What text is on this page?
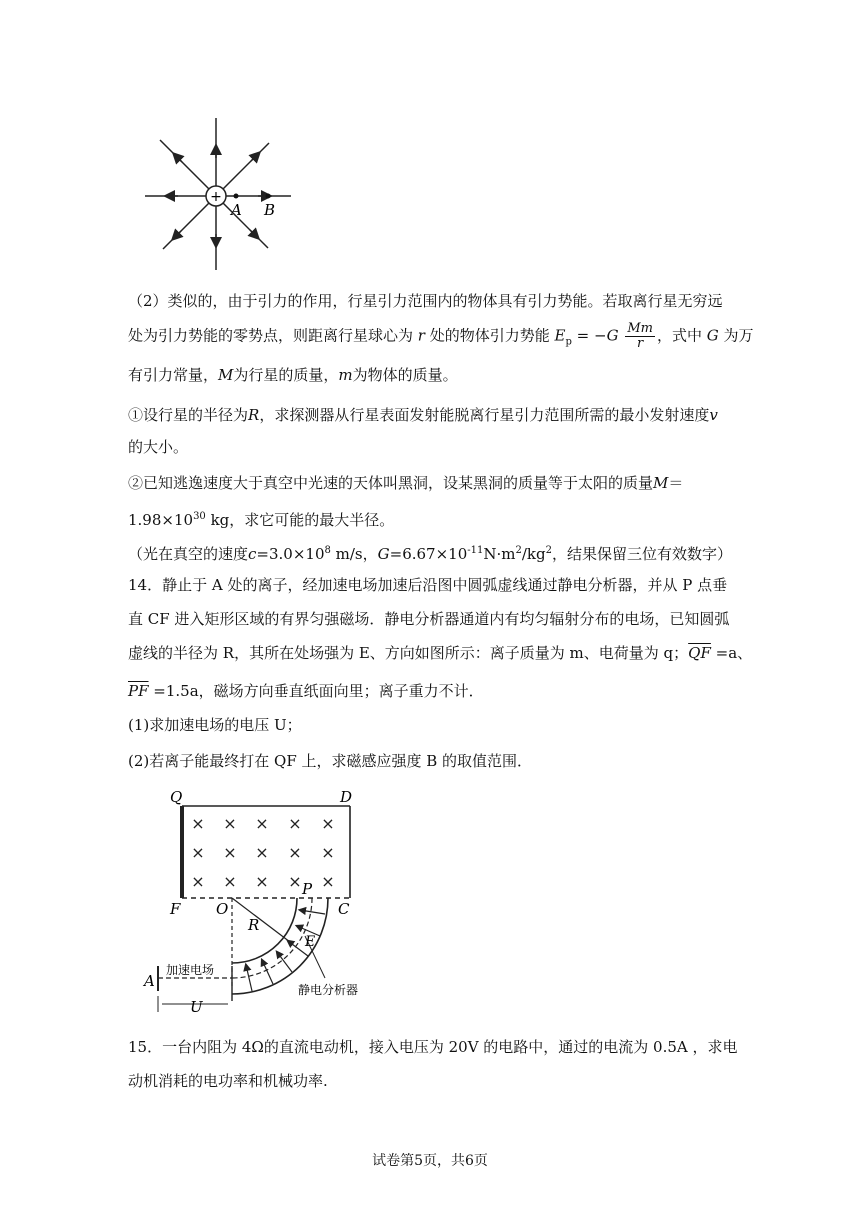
+
A B
（2）类似的，由于引力的作用，行星引力范围内的物体具有引力势能。若取离行星无穷远
处为引力势能的零势点，则距离行星球心为 r 处的物体引力势能 $E_p = -G \frac{Mm}{r}$ ，式中 G 为万
有引力常量，M为行星的质量，m为物体的质量。
①设行星的半径为R，求探测器从行星表面发射能脱离行星引力范围所需的最小发射速度v
的大小。
②已知逃逸速度大于真空中光速的天体叫黑洞，设某黑洞的质量等于太阳的质量M＝
$1.98\times 10^{30}$ kg，求它可能的最大半径。
（光在真空的速度$c=3.0\times 10^8$ m/s，$G=6.67\times 10^{-11}N\cdot m^2/kg^2$，结果保留三位有效数字）
14．静止于 A 处的离子，经加速电场加速后沿图中圆弧虚线通过静电分析器，并从 P 点垂
直 CF 进入矩形区域的有界匀强磁场．静电分析器通道内有均匀辐射分布的电场，已知圆弧
虚线的半径为 R，其所在处场强为 E、方向如图所示：离子质量为 m、电荷量为 q；$\overline{QF} =a$、
$\overline{PF} =1.5a$，磁场方向垂直纸面向里；离子重力不计．
(1)求加速电场的电压 U；
(2)若离子能最终打在 QF 上，求磁感应强度 B 的取值范围．
× × × × ×
× × × × ×
× × × × ×
Q	D
F O	C
P
R
E
A
U
加速电场
静电分析器
15．一台内阻为 4Ω的直流电动机，接入电压为 20V 的电路中，通过的电流为 0.5A ，求电
动机消耗的电功率和机械功率.
试卷第5页，共6页
